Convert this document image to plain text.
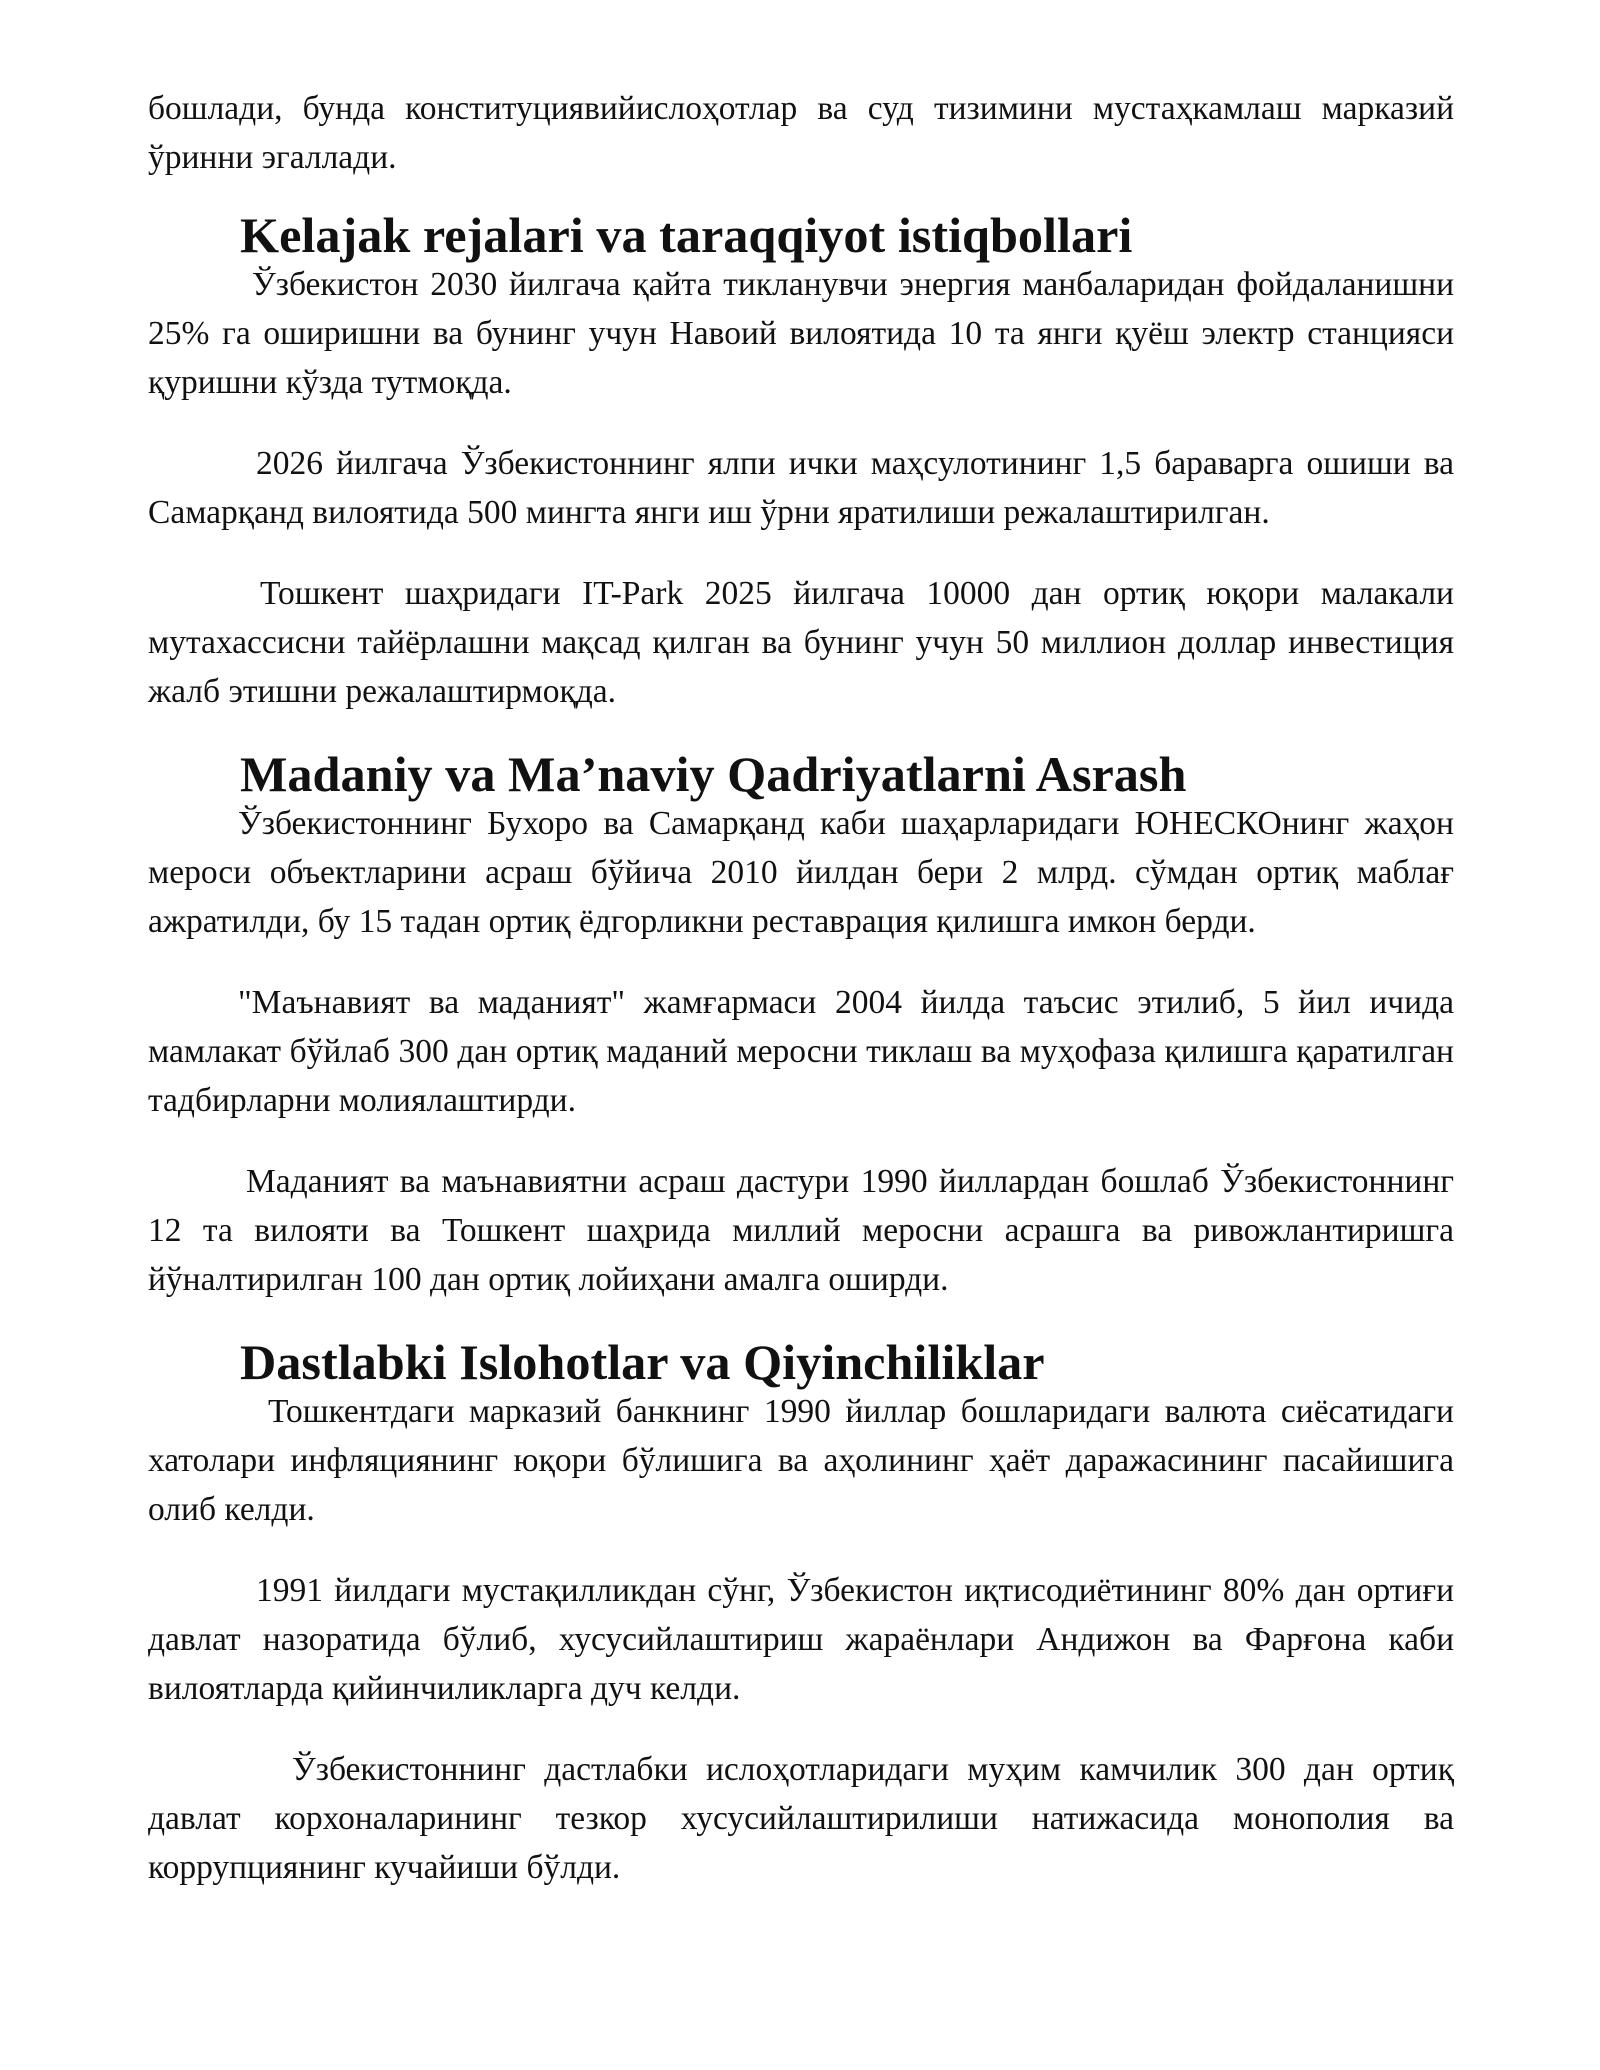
бошлади, бунда конституциявийислоҳотлар ва суд тизимини мустаҳкамлаш марказий ўринни эгаллади.

Kelajak rejalari va taraqqiyot istiqbollari

Ўзбекистон 2030 йилгача қайта тикланувчи энергия манбаларидан фойдаланишни 25% га оширишни ва бунинг учун Навоий вилоятида 10 та янги қуёш электр станцияси қуришни кўзда тутмоқда.

2026 йилгача Ўзбекистоннинг ялпи ички маҳсулотининг 1,5 бараварга ошиши ва Самарқанд вилоятида 500 мингта янги иш ўрни яратилиши режалаштирилган.

Тошкент шаҳридаги IT-Park 2025 йилгача 10000 дан ортиқ юқори малакали мутахассисни тайёрлашни мақсад қилган ва бунинг учун 50 миллион доллар инвестиция жалб этишни режалаштирмоқда.

Madaniy va Ma’naviy Qadriyatlarni Asrash

Ўзбекистоннинг Бухоро ва Самарқанд каби шаҳарларидаги ЮНЕСКОнинг жаҳон мероси объектларини асраш бўйича 2010 йилдан бери 2 млрд. сўмдан ортиқ маблағ ажратилди, бу 15 тадан ортиқ ёдгорликни реставрация қилишга имкон берди.

"Маънавият ва маданият" жамғармаси 2004 йилда таъсис этилиб, 5 йил ичида мамлакат бўйлаб 300 дан ортиқ маданий меросни тиклаш ва муҳофаза қилишга қаратилган тадбирларни молиялаштирди.

Маданият ва маънавиятни асраш дастури 1990 йиллардан бошлаб Ўзбекистоннинг 12 та вилояти ва Тошкент шаҳрида миллий меросни асрашга ва ривожлантиришга йўналтирилган 100 дан ортиқ лойиҳани амалга оширди.

Dastlabki Islohotlar va Qiyinchiliklar

Тошкентдаги марказий банкнинг 1990 йиллар бошларидаги валюта сиёсатидаги хатолари инфляциянинг юқори бўлишига ва аҳолининг ҳаёт даражасининг пасайишига олиб келди.

1991 йилдаги мустақилликдан сўнг, Ўзбекистон иқтисодиётининг 80% дан ортиғи давлат назоратида бўлиб, хусусийлаштириш жараёнлари Андижон ва Фарғона каби вилоятларда қийинчиликларга дуч келди.

Ўзбекистоннинг дастлабки ислоҳотларидаги муҳим камчилик 300 дан ортиқ давлат корхоналарининг тезкор хусусийлаштирилиши натижасида монополия ва коррупциянинг кучайиши бўлди.
